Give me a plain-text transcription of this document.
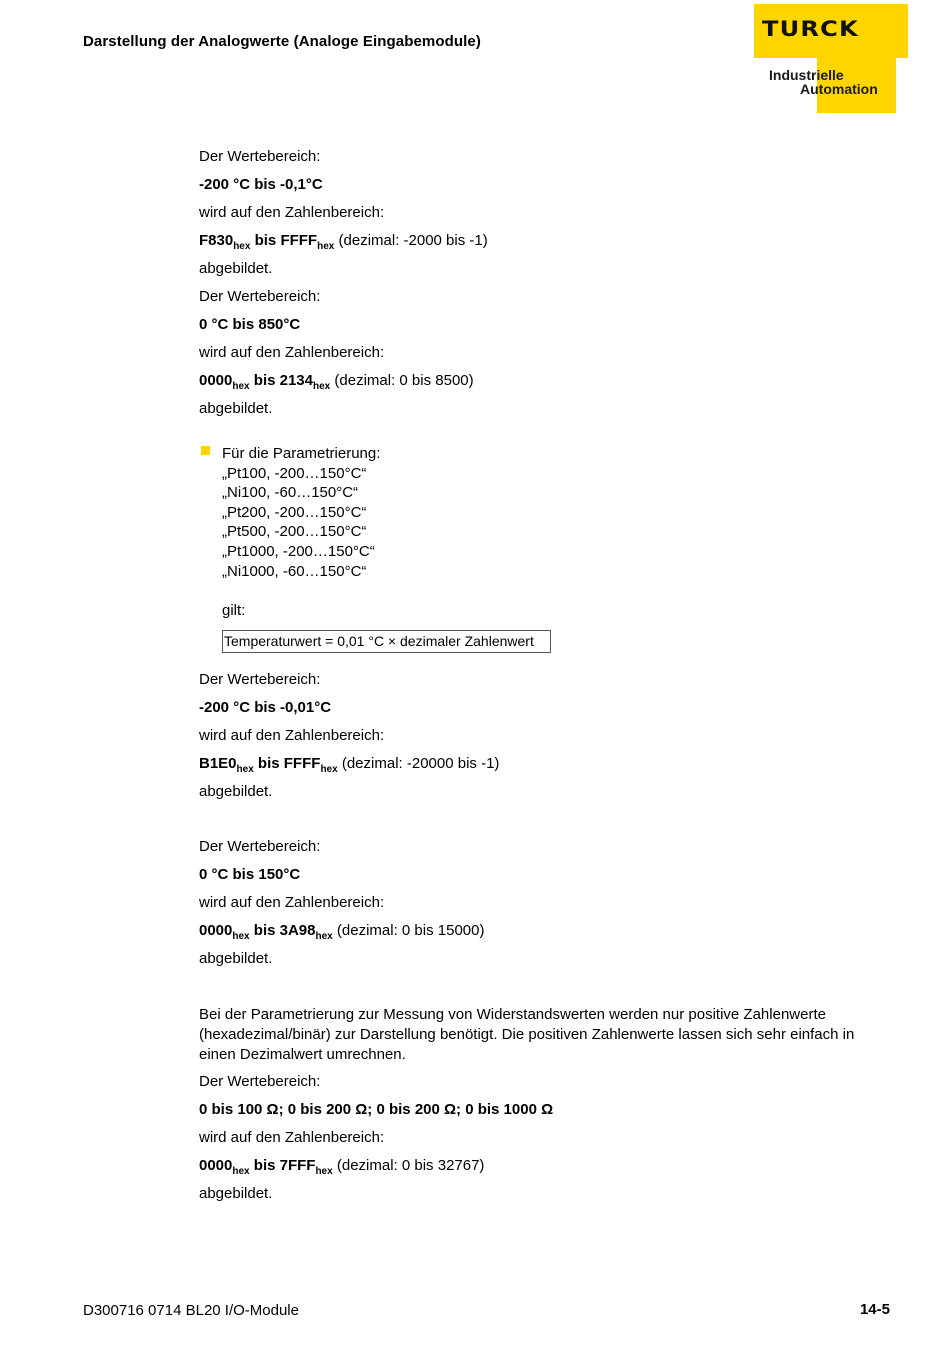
Darstellung der Analogwerte (Analoge Eingabemodule)
TURCK
Industrielle
Automation

Der Wertebereich:

-200 °C bis -0,1°C

wird auf den Zahlenbereich:

$F830_{hex}$ bis $FFFF_{hex}$ (dezimal: -2000 bis -1)

abgebildet.

Der Wertebereich:

0 °C bis 850°C

wird auf den Zahlenbereich:

$0000_{hex}$ bis $2134_{hex}$ (dezimal: 0 bis 8500)

abgebildet.

Für die Parametrierung:
„Pt100, -200…150°C“
„Ni100, -60…150°C“
„Pt200, -200…150°C“
„Pt500, -200…150°C“
„Pt1000, -200…150°C“
„Ni1000, -60…150°C“
gilt:
Temperaturwert = 0,01 °C × dezimaler Zahlenwert

Der Wertebereich:

-200 °C bis -0,01°C

wird auf den Zahlenbereich:

$B1E0_{hex}$ bis $FFFF_{hex}$ (dezimal: -20000 bis -1)

abgebildet.

Der Wertebereich:

0 °C bis 150°C

wird auf den Zahlenbereich:

$0000_{hex}$ bis $3A98_{hex}$ (dezimal: 0 bis 15000)

abgebildet.

Bei der Parametrierung zur Messung von Widerstandswerten werden nur positive Zahlenwerte (hexadezimal/binär) zur Darstellung benötigt. Die positiven Zahlenwerte lassen sich sehr einfach in einen Dezimalwert umrechnen.

Der Wertebereich:

0 bis 100 Ω; 0 bis 200 Ω; 0 bis 200 Ω; 0 bis 1000 Ω

wird auf den Zahlenbereich:

$0000_{hex}$ bis $7FFF_{hex}$ (dezimal: 0 bis 32767)

abgebildet.

D300716 0714 BL20 I/O-Module	14-5
